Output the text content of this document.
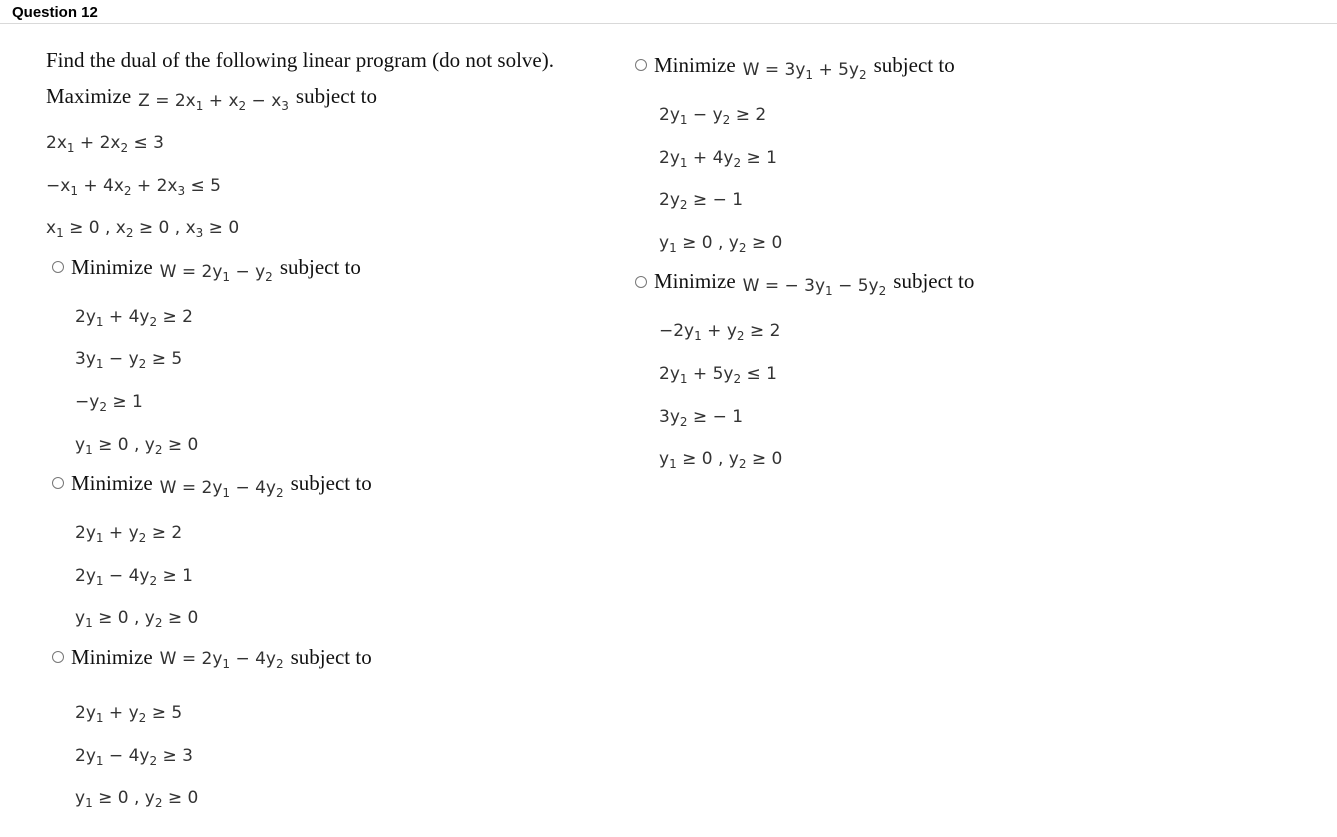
Question 12
Find the dual of the following linear program (do not solve).
Maximize $Z = 2x_1 + x_2 - x_3$ subject to
$2x_1 + 2x_2 \le 3$
$-x_1 + 4x_2 + 2x_3 \le 5$
$x_1 \ge 0$ , $x_2 \ge 0$ , $x_3 \ge 0$
Minimize $W = 2y_1 - y_2$ subject to
$2y_1 + 4y_2 \ge 2$
$3y_1 - y_2 \ge 5$
$-y_2 \ge 1$
$y_1 \ge 0$ , $y_2 \ge 0$
Minimize $W = 2y_1 - 4y_2$ subject to
$2y_1 + y_2 \ge 2$
$2y_1 - 4y_2 \ge 1$
$y_1 \ge 0$ , $y_2 \ge 0$
Minimize $W = 2y_1 - 4y_2$ subject to
$2y_1 + y_2 \ge 5$
$2y_1 - 4y_2 \ge 3$
$y_1 \ge 0$ , $y_2 \ge 0$
Minimize $W = 3y_1 + 5y_2$ subject to
$2y_1 - y_2 \ge 2$
$2y_1 + 4y_2 \ge 1$
$2y_2$ ≥ − 1
$y_1 \ge 0$ , $y_2 \ge 0$
Minimize W = − $3y_1 - 5y_2$ subject to
$-2y_1 + y_2 \ge 2$
$2y_1 + 5y_2 \le 1$
$3y_2$ ≥ − 1
$y_1 \ge 0$ , $y_2 \ge 0$
